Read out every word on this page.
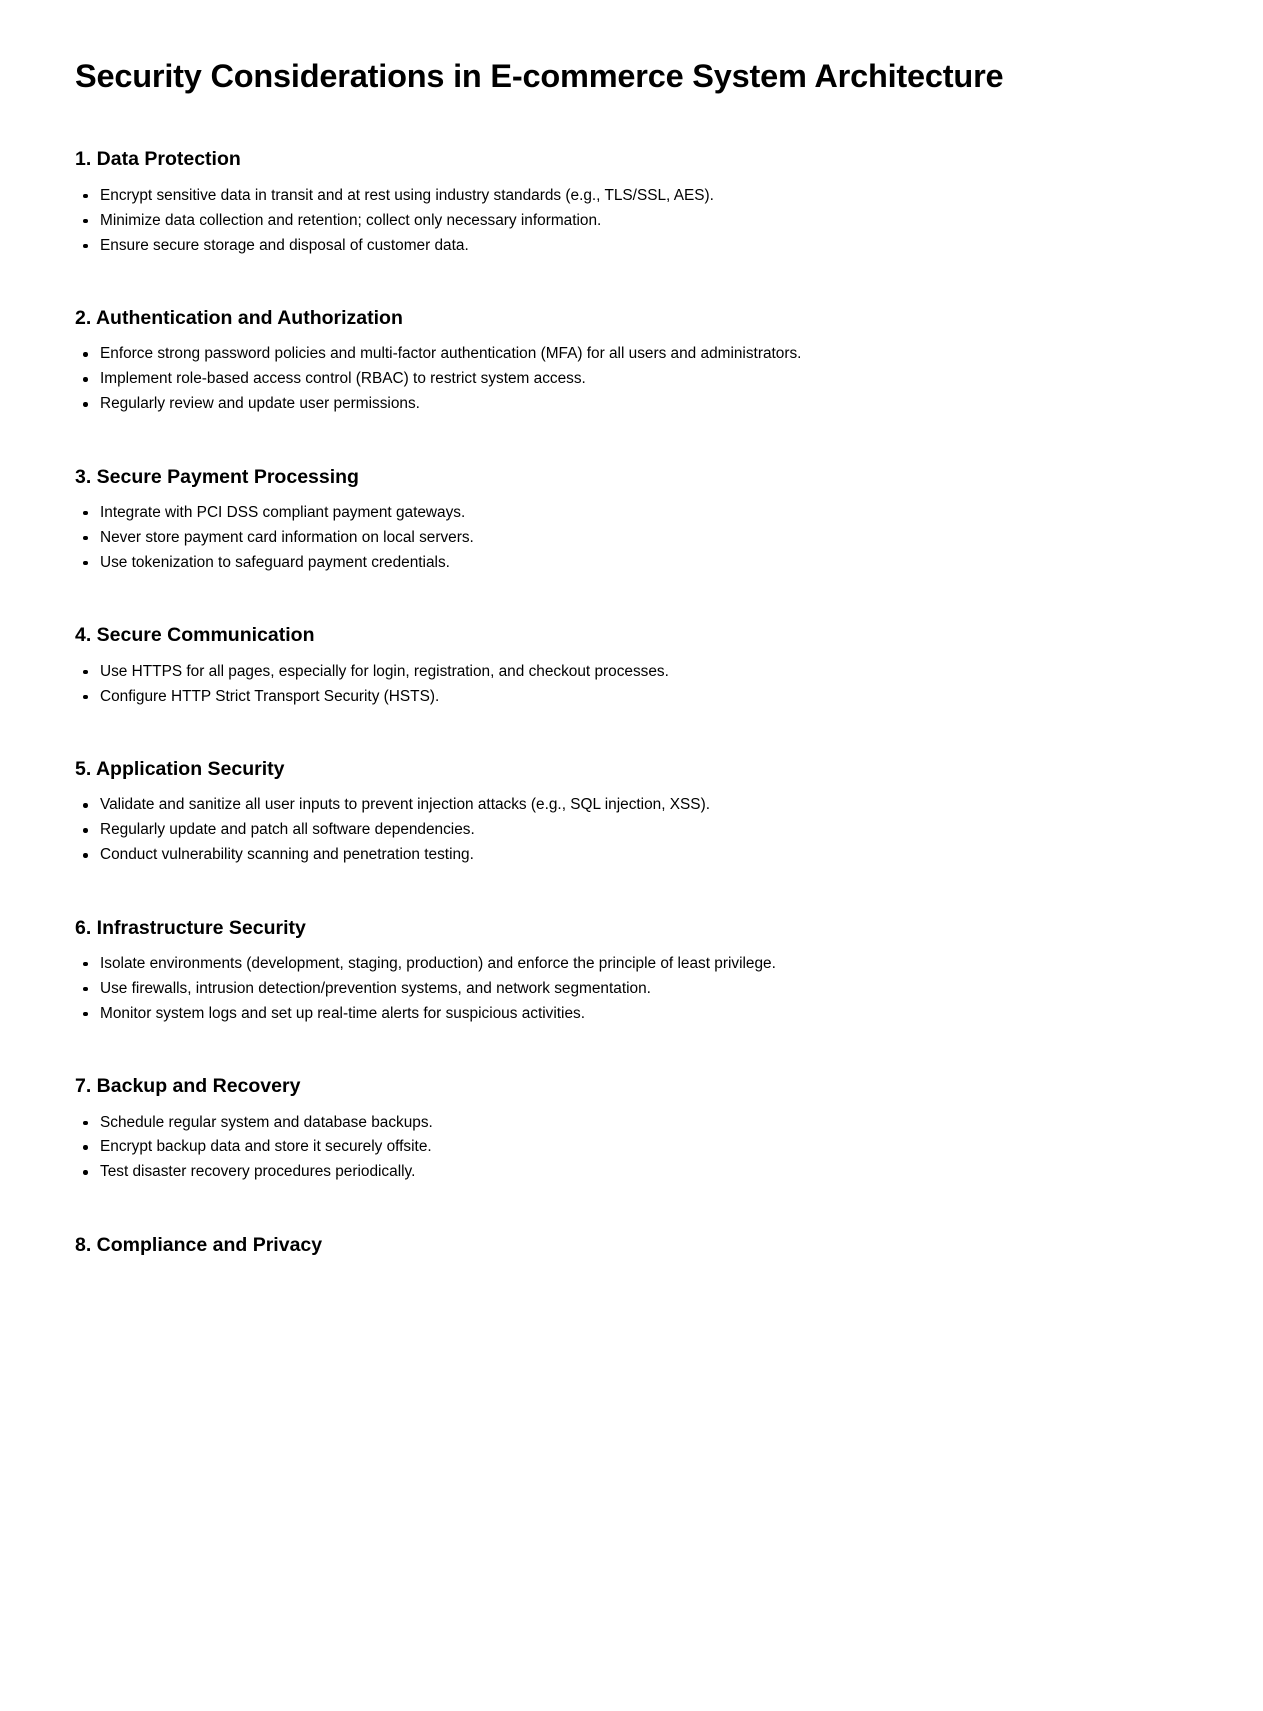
Security Considerations in E-commerce System Architecture
1. Data Protection
Encrypt sensitive data in transit and at rest using industry standards (e.g., TLS/SSL, AES).
Minimize data collection and retention; collect only necessary information.
Ensure secure storage and disposal of customer data.
2. Authentication and Authorization
Enforce strong password policies and multi-factor authentication (MFA) for all users and administrators.
Implement role-based access control (RBAC) to restrict system access.
Regularly review and update user permissions.
3. Secure Payment Processing
Integrate with PCI DSS compliant payment gateways.
Never store payment card information on local servers.
Use tokenization to safeguard payment credentials.
4. Secure Communication
Use HTTPS for all pages, especially for login, registration, and checkout processes.
Configure HTTP Strict Transport Security (HSTS).
5. Application Security
Validate and sanitize all user inputs to prevent injection attacks (e.g., SQL injection, XSS).
Regularly update and patch all software dependencies.
Conduct vulnerability scanning and penetration testing.
6. Infrastructure Security
Isolate environments (development, staging, production) and enforce the principle of least privilege.
Use firewalls, intrusion detection/prevention systems, and network segmentation.
Monitor system logs and set up real-time alerts for suspicious activities.
7. Backup and Recovery
Schedule regular system and database backups.
Encrypt backup data and store it securely offsite.
Test disaster recovery procedures periodically.
8. Compliance and Privacy
